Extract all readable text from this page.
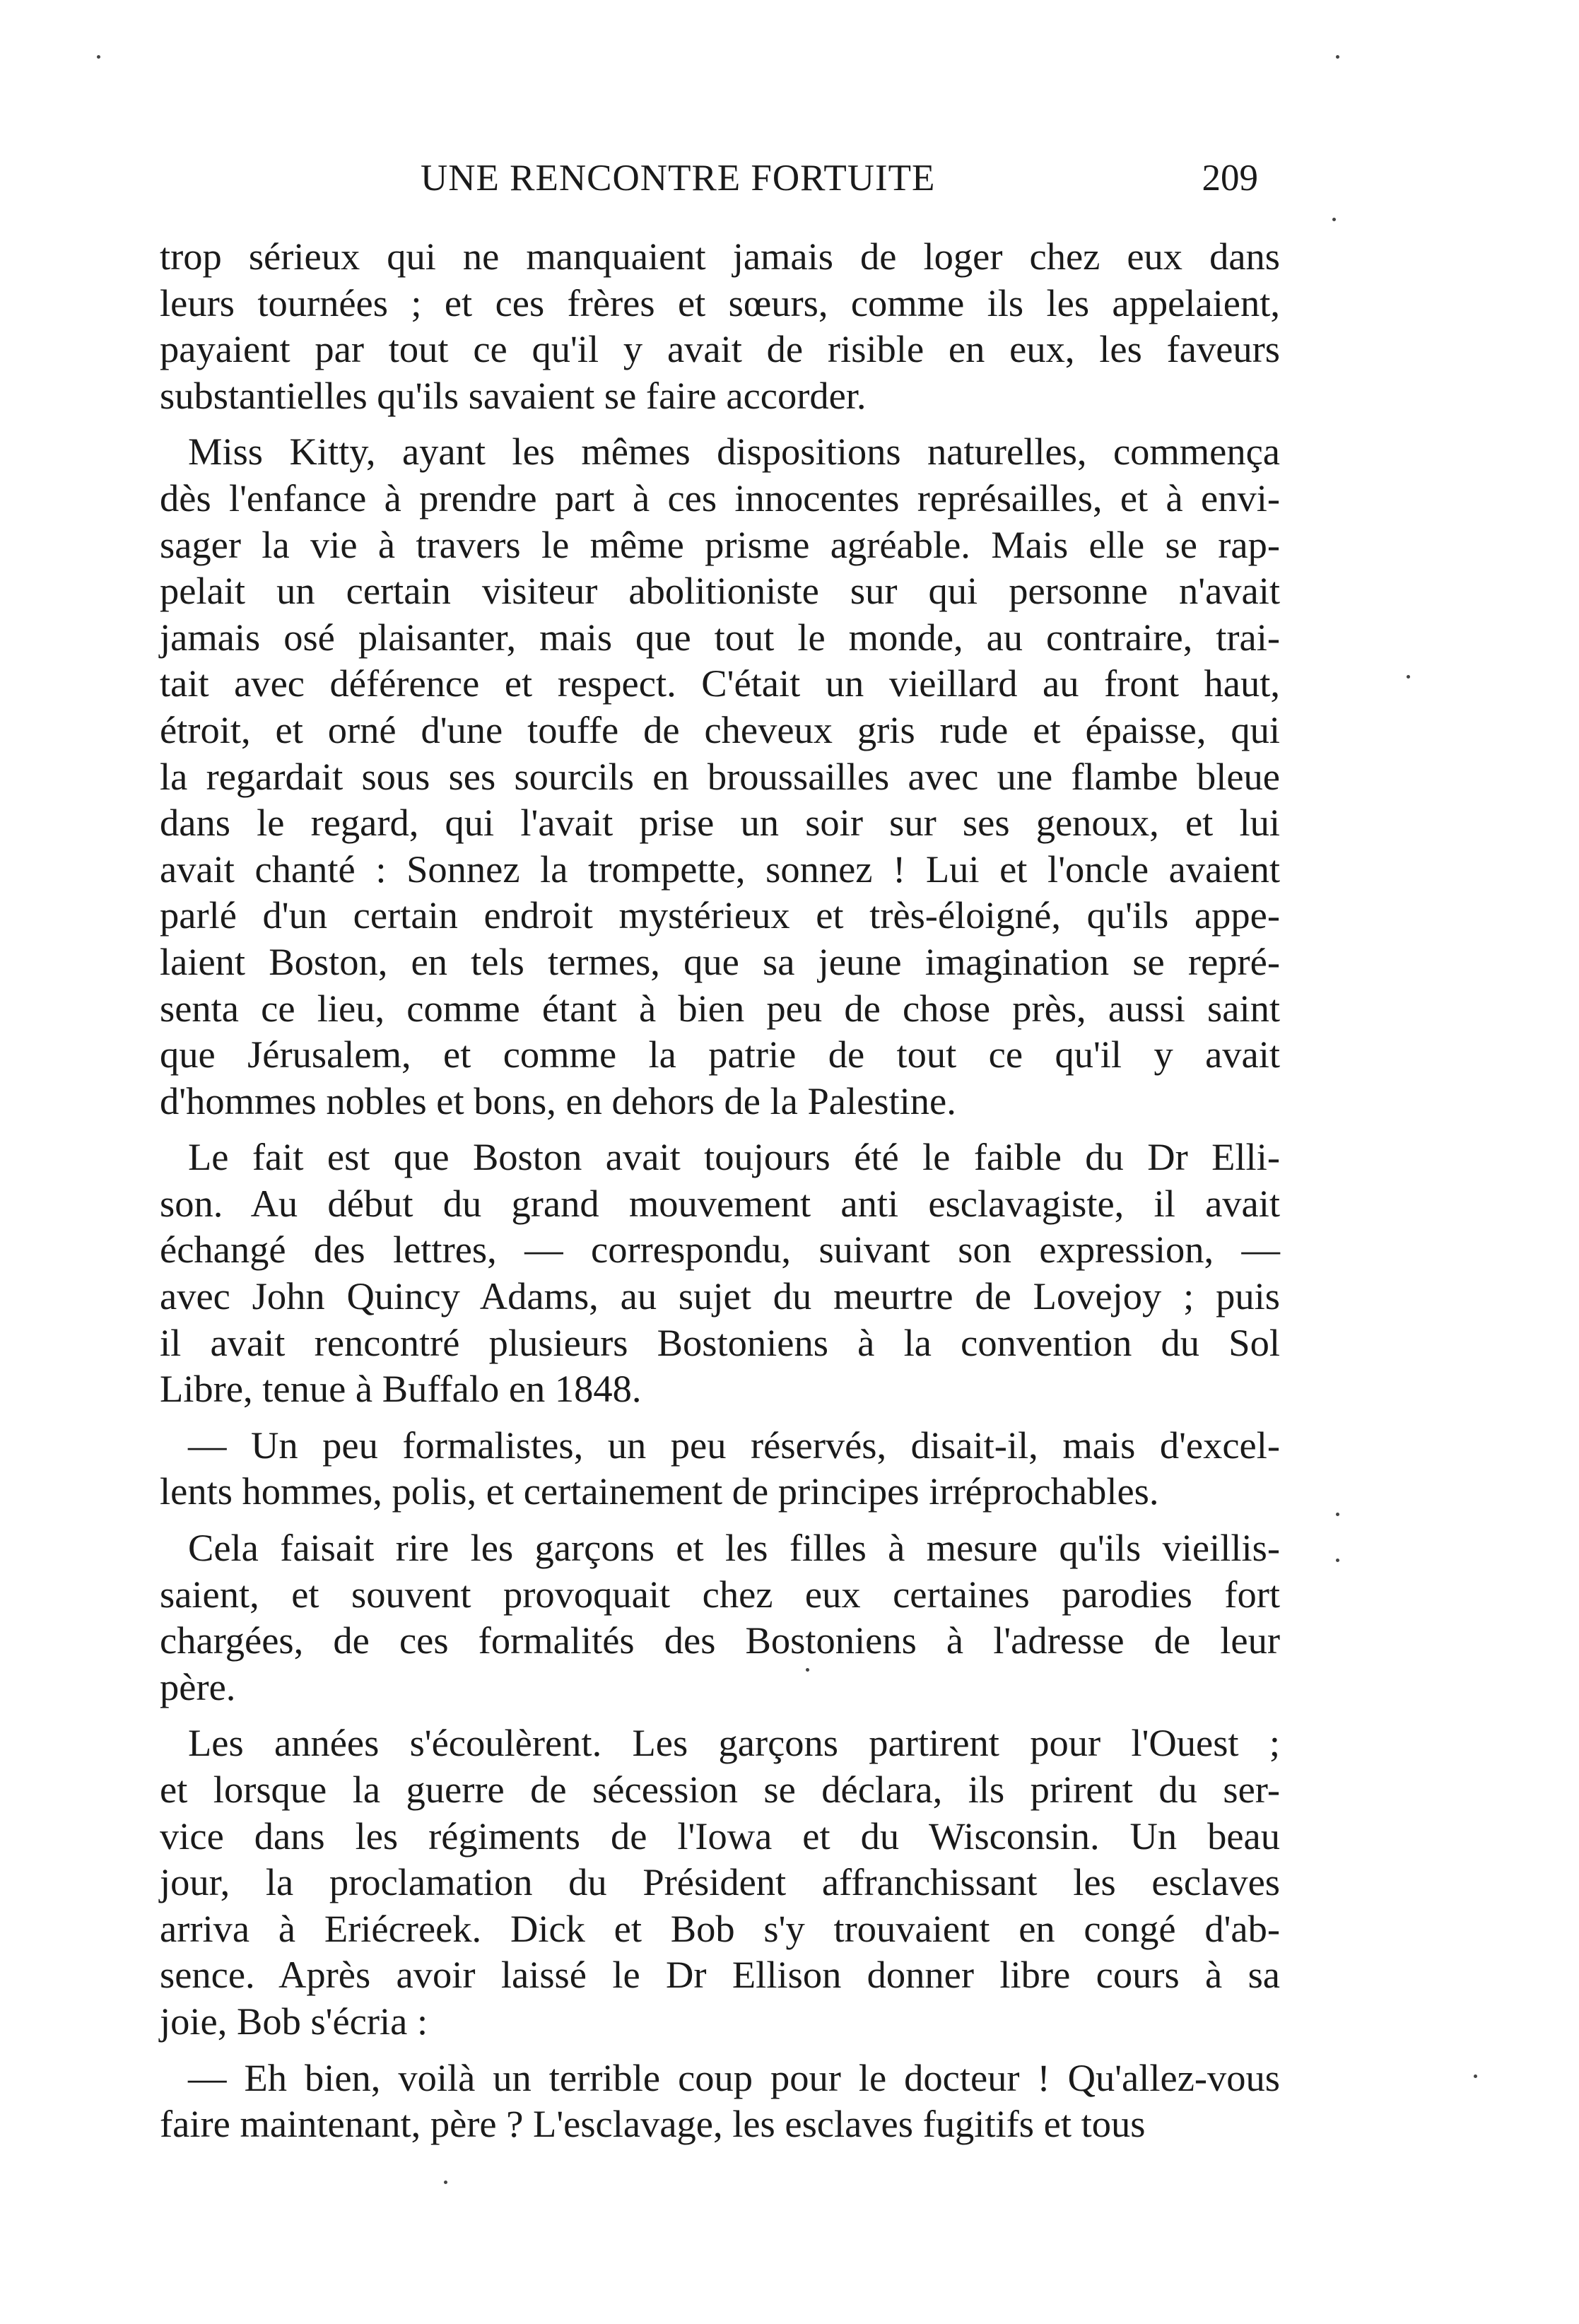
UNE RENCONTRE FORTUITE	209
trop sérieux qui ne manquaient jamais de loger chez eux dans
leurs tournées ; et ces frères et sœurs, comme ils les appelaient,
payaient par tout ce qu'il y avait de risible en eux, les faveurs
substantielles qu'ils savaient se faire accorder.
Miss Kitty, ayant les mêmes dispositions naturelles, commença
dès l'enfance à prendre part à ces innocentes représailles, et à envi-
sager la vie à travers le même prisme agréable. Mais elle se rap-
pelait un certain visiteur abolitioniste sur qui personne n'avait
jamais osé plaisanter, mais que tout le monde, au contraire, trai-
tait avec déférence et respect. C'était un vieillard au front haut,
étroit, et orné d'une touffe de cheveux gris rude et épaisse, qui
la regardait sous ses sourcils en broussailles avec une flambe bleue
dans le regard, qui l'avait prise un soir sur ses genoux, et lui
avait chanté : Sonnez la trompette, sonnez ! Lui et l'oncle avaient
parlé d'un certain endroit mystérieux et très-éloigné, qu'ils appe-
laient Boston, en tels termes, que sa jeune imagination se repré-
senta ce lieu, comme étant à bien peu de chose près, aussi saint
que Jérusalem, et comme la patrie de tout ce qu'il y avait
d'hommes nobles et bons, en dehors de la Palestine.
Le fait est que Boston avait toujours été le faible du Dr Elli-
son. Au début du grand mouvement anti esclavagiste, il avait
échangé des lettres, — correspondu, suivant son expression, —
avec John Quincy Adams, au sujet du meurtre de Lovejoy ; puis
il avait rencontré plusieurs Bostoniens à la convention du Sol
Libre, tenue à Buffalo en 1848.
— Un peu formalistes, un peu réservés, disait-il, mais d'excel-
lents hommes, polis, et certainement de principes irréprochables.
Cela faisait rire les garçons et les filles à mesure qu'ils vieillis-
saient, et souvent provoquait chez eux certaines parodies fort
chargées, de ces formalités des Bostoniens à l'adresse de leur
père.
Les années s'écoulèrent. Les garçons partirent pour l'Ouest ;
et lorsque la guerre de sécession se déclara, ils prirent du ser-
vice dans les régiments de l'Iowa et du Wisconsin. Un beau
jour, la proclamation du Président affranchissant les esclaves
arriva à Eriécreek. Dick et Bob s'y trouvaient en congé d'ab-
sence. Après avoir laissé le Dr Ellison donner libre cours à sa
joie, Bob s'écria :
— Eh bien, voilà un terrible coup pour le docteur ! Qu'allez-vous
faire maintenant, père ? L'esclavage, les esclaves fugitifs et tous
